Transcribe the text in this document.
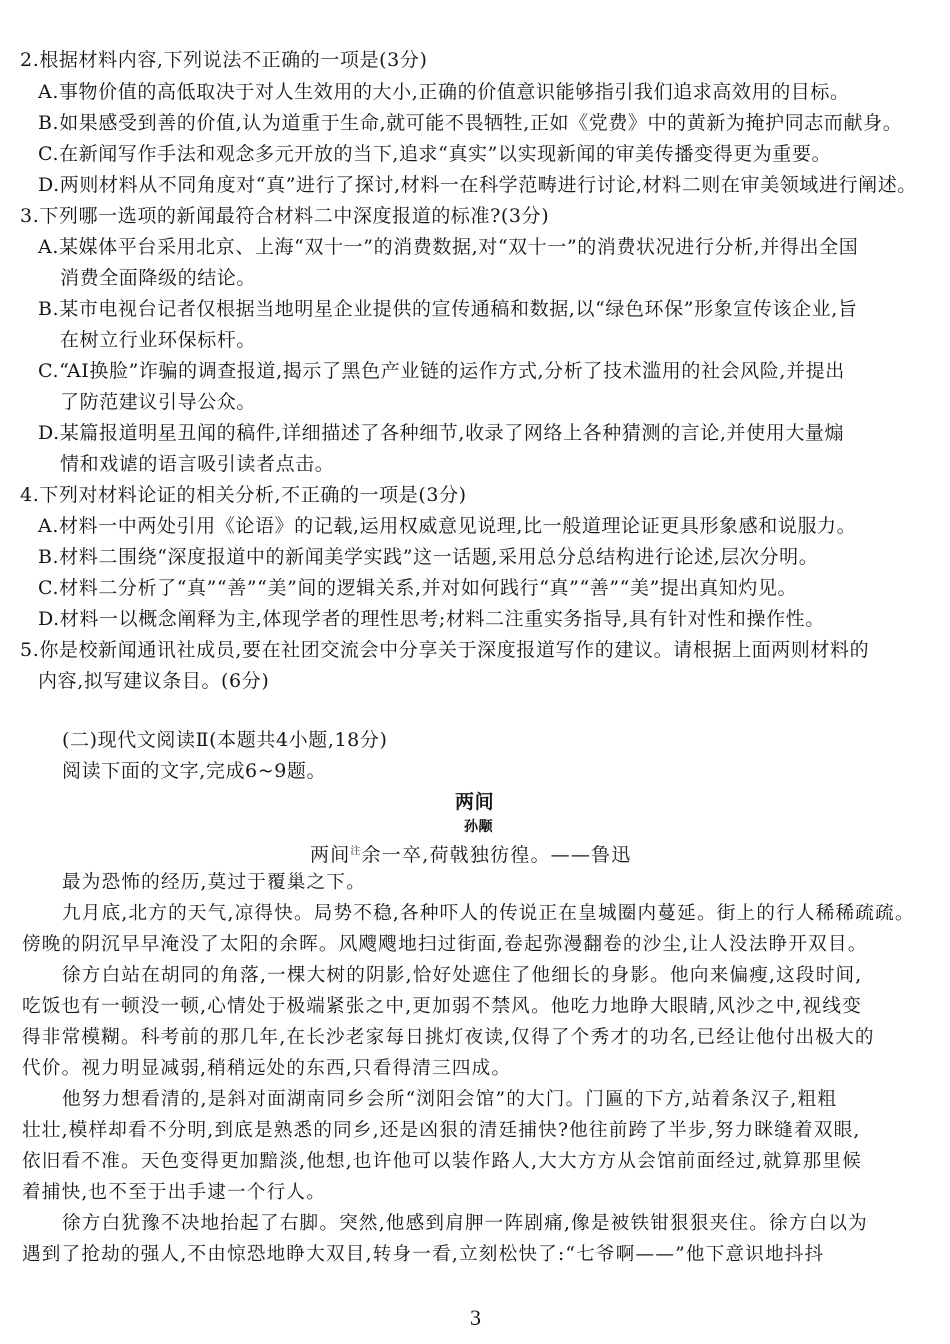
2.根据材料内容,下列说法不正确的一项是(3分)
A.事物价值的高低取决于对人生效用的大小,正确的价值意识能够指引我们追求高效用的目标。
B.如果感受到善的价值,认为道重于生命,就可能不畏牺牲,正如《党费》中的黄新为掩护同志而献身。
C.在新闻写作手法和观念多元开放的当下,追求“真实”以实现新闻的审美传播变得更为重要。
D.两则材料从不同角度对“真”进行了探讨,材料一在科学范畴进行讨论,材料二则在审美领域进行阐述。
3.下列哪一选项的新闻最符合材料二中深度报道的标准?(3分)
A.某媒体平台采用北京、上海“双十一”的消费数据,对“双十一”的消费状况进行分析,并得出全国
消费全面降级的结论。
B.某市电视台记者仅根据当地明星企业提供的宣传通稿和数据,以“绿色环保”形象宣传该企业,旨
在树立行业环保标杆。
C.“AI换脸”诈骗的调查报道,揭示了黑色产业链的运作方式,分析了技术滥用的社会风险,并提出
了防范建议引导公众。
D.某篇报道明星丑闻的稿件,详细描述了各种细节,收录了网络上各种猜测的言论,并使用大量煽
情和戏谑的语言吸引读者点击。
4.下列对材料论证的相关分析,不正确的一项是(3分)
A.材料一中两处引用《论语》的记载,运用权威意见说理,比一般道理论证更具形象感和说服力。
B.材料二围绕“深度报道中的新闻美学实践”这一话题,采用总分总结构进行论述,层次分明。
C.材料二分析了“真”“善”“美”间的逻辑关系,并对如何践行“真”“善”“美”提出真知灼见。
D.材料一以概念阐释为主,体现学者的理性思考;材料二注重实务指导,具有针对性和操作性。
5.你是校新闻通讯社成员,要在社团交流会中分享关于深度报道写作的建议。请根据上面两则材料的
内容,拟写建议条目。(6分)
(二)现代文阅读Ⅱ(本题共4小题,18分)
阅读下面的文字,完成6~9题。
两间
孙颙
两间$^注$余一卒,荷戟独彷徨。——鲁迅
最为恐怖的经历,莫过于覆巢之下。
九月底,北方的天气,凉得快。局势不稳,各种吓人的传说正在皇城圈内蔓延。街上的行人稀稀疏疏。
傍晚的阴沉早早淹没了太阳的余晖。风飕飕地扫过街面,卷起弥漫翻卷的沙尘,让人没法睁开双目。
徐方白站在胡同的角落,一棵大树的阴影,恰好处遮住了他细长的身影。他向来偏瘦,这段时间,
吃饭也有一顿没一顿,心情处于极端紧张之中,更加弱不禁风。他吃力地睁大眼睛,风沙之中,视线变
得非常模糊。科考前的那几年,在长沙老家每日挑灯夜读,仅得了个秀才的功名,已经让他付出极大的
代价。视力明显减弱,稍稍远处的东西,只看得清三四成。
他努力想看清的,是斜对面湖南同乡会所“浏阳会馆”的大门。门匾的下方,站着条汉子,粗粗
壮壮,模样却看不分明,到底是熟悉的同乡,还是凶狠的清廷捕快?他往前跨了半步,努力眯缝着双眼,
依旧看不准。天色变得更加黯淡,他想,也许他可以装作路人,大大方方从会馆前面经过,就算那里候
着捕快,也不至于出手逮一个行人。
徐方白犹豫不决地抬起了右脚。突然,他感到肩胛一阵剧痛,像是被铁钳狠狠夹住。徐方白以为
遇到了抢劫的强人,不由惊恐地睁大双目,转身一看,立刻松快了:“七爷啊——”他下意识地抖抖
3
